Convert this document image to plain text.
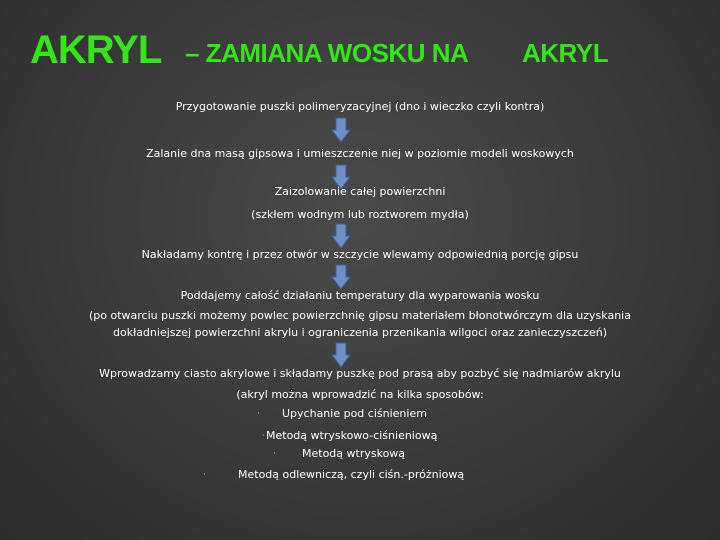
AKRYL – ZAMIANA WOSKU NA AKRYL
Przygotowanie puszki polimeryzacyjnej (dno i wieczko czyli kontra)
Zalanie dna masą gipsowa i umieszczenie niej w poziomie modeli woskowych
Zaizolowanie całej powierzchni
(szkłem wodnym lub roztworem mydła)
Nakładamy kontrę i przez otwór w szczycie wlewamy odpowiednią porcję gipsu
Poddajemy całość działaniu temperatury dla wyparowania wosku
(po otwarciu puszki możemy powlec powierzchnię gipsu materiałem błonotwórczym dla uzyskania
dokładniejszej powierzchni akrylu i ograniczenia przenikania wilgoci oraz zanieczyszczeń)
Wprowadzamy ciasto akrylowe i składamy puszkę pod prasą aby pozbyć się nadmiarów akrylu
(akryl można wprowadzić na kilka sposobów:
· Upychanie pod ciśnieniem
· Metodą wtryskowo-ciśnieniową
· Metodą wtryskową
·	Metodą odlewniczą, czyli ciśn.-próżniową
